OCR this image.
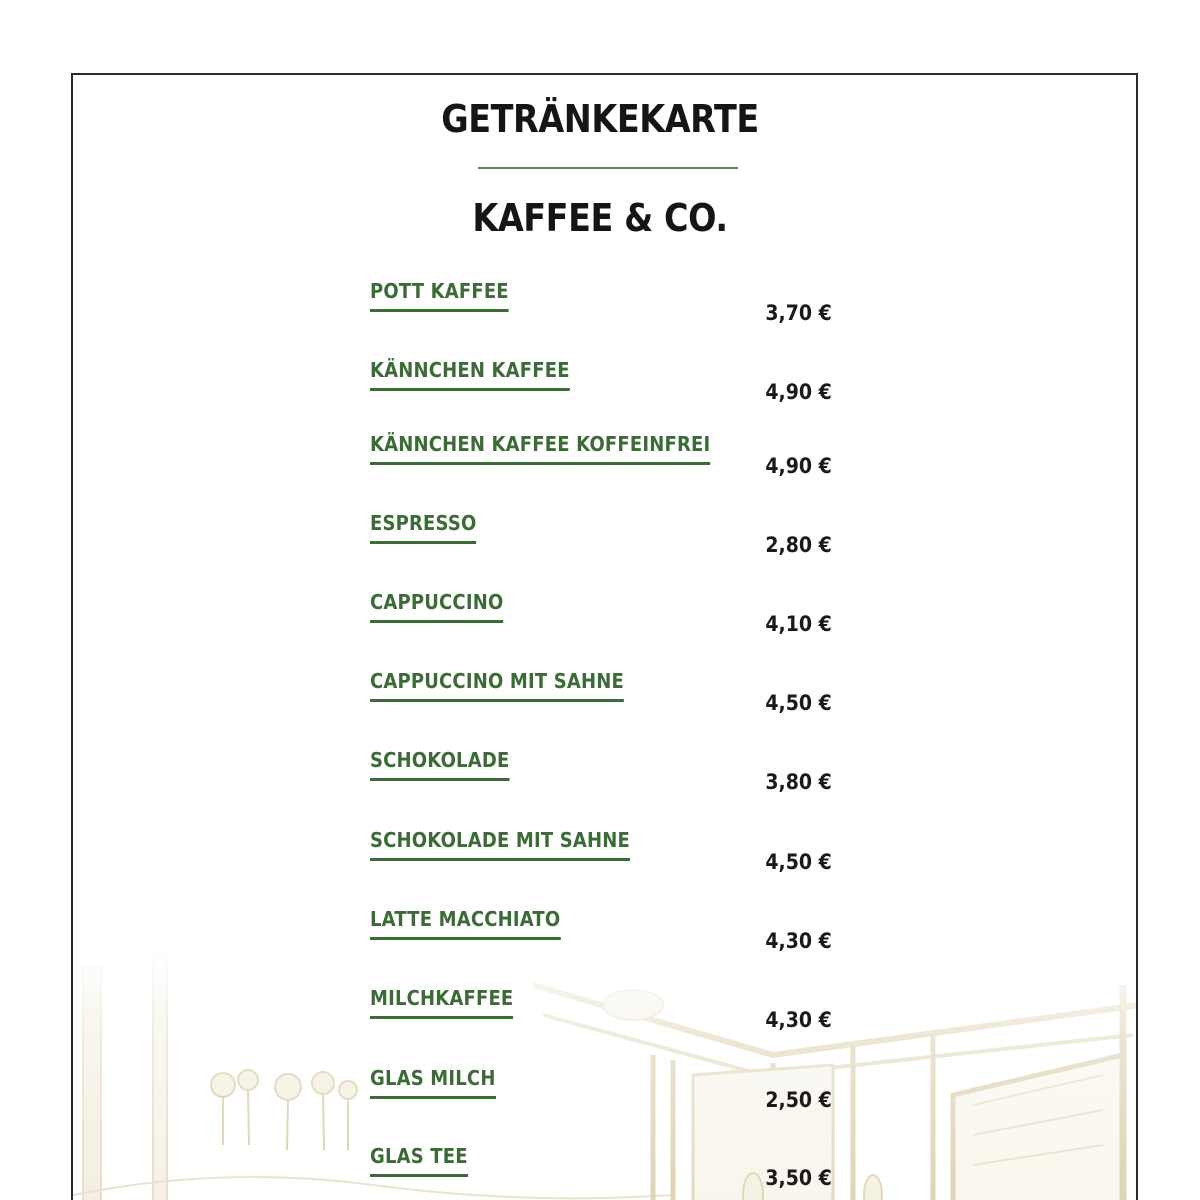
GETRÄNKEKARTE
KAFFEE & CO.
POTT KAFFEE
3,70 €
KÄNNCHEN KAFFEE
4,90 €
KÄNNCHEN KAFFEE KOFFEINFREI
4,90 €
ESPRESSO
2,80 €
CAPPUCCINO
4,10 €
CAPPUCCINO MIT SAHNE
4,50 €
SCHOKOLADE
3,80 €
SCHOKOLADE MIT SAHNE
4,50 €
LATTE MACCHIATO
4,30 €
MILCHKAFFEE
4,30 €
GLAS MILCH
2,50 €
GLAS TEE
3,50 €
